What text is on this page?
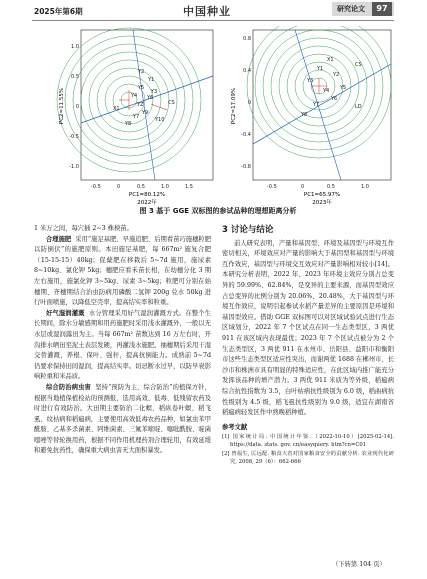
2025年第6期	中国种业	研究论文	97
Y2
Y1
Y5
Y4
CS
Y3
Y6
YZ
Y9
Y10
X1
Y7
Y8
-0.5	0	0.5	1.0	1.5
-1.0
-0.5
0
0.5
1.0
PC1=80.12%
PC2=11.55%
2022年
X1
Y1
Y2
Y3
Y4 Y5
Y6
Y7
Y8
CS
LD
-0.5	0	0.5	1.0
-0.8
-0.4
0
0.4
0.8
PC1=65.97%
PC2=17.09%
2023年
图 3 基于 GGE 双标图的参试品种的理想距离分析

1 米万之间，每穴插 2~3 株秧苗。

合理施肥 采用“施足基肥、早施追肥、后期看苗巧施穗粒肥以防倒伏”的施肥原则。本田施足基肥，每 667m² 施复合肥（15-15-15）40kg；促蘖肥在移栽后 5~7d 施用，施尿素 8~10kg、氯化钾 5kg；穗肥应看禾苗长相，在幼穗分化 3 期左右施用，施氯化钾 3~5kg、尿素 3~5kg；粒肥可分别在始穗期、齐穗期结合治虫防病用磷酸二氢钾 200g 兑水 50kg 进行叶面喷施，以降低空壳率，提高结实率和粒重。

好气湿润灌溉 水分管理采用好气湿润灌溉方式。在整个生长期间，除水分敏感期和用药施肥时采用浅水灌溉外，一般以无水层或湿润露田为主。当每 667m² 苗数达到 16 万左右时，开沟排水晒田至泥土表层发硬，再灌浅水施肥。抽穗期后采用干湿交替灌溉，养根、保叶、强秆，提高抗倒能力。成熟前 5~7d 仍要求保持田间湿润，提高结实率。切忌断水过早，以防早衰影响粒重和米品质。

综合防治病虫害 坚持“预防为主，综合防治”的植保方针，根据当地植保植检站的预测报，选用高效、低毒、低残留农药及时进行有效防治。大田期主要防治二化螟、稻纵卷叶螟、稻飞虱、纹枯病和稻瘟病，主要使用高效低毒农药品种，如氯虫苯甲酰胺、乙基多杀菌素、阿维菌素、三氟苯嘧啶、噻吡酰胺、啶菌噁唑等替轮换用药，根据不同作用机理药剂合理轮用，有效延缓和避免抗药性，确保重大病虫害无大面积暴发。

3 讨论与结论

前人研究表明，产量和基因型、环境及基因型与环境互作密切相关，环境效应对产量的影响大于基因型和基因型与环境互作效应，基因型与环境交互效应对产量影响相对较小[14]。本研究分析表明，2022 年、2023 年环境主效应分别占总变异的 59.99%、62.84%，是变异的主要来源，而基因型效应占总变异的比例分别为 20.06%、20.48%，大于基因型与环境互作效应，说明引起参试水稻产量差异的主要原因是环境和基因型效应。借助 GGE 双标图可以对区域试验试点进行生态区域划分，2022 年 7 个区试点在同一生态类型区，3 两优 911 在该区域内表现最优；2023 年 7 个区试点被分为 2 个生态类型区，3 两优 911 在永州市、岳阳县、益阳市和衡阳市这些生态类型区适应性突出，而谢两优 1688 在郴州市、长沙市和株洲市具有明显的特殊适应性，在此区域内推广能充分发挥该品种的增产潜力。3 两优 911 米质为等外级，稻瘟病综合抗性指数为 3.5，白叶枯病抗性级别为 6.0 级，稻曲病抗性级别为 4.5 级，稻飞虱抗性级别为 9.0 级，适宜在湖南省稻瘟病轻发区作中熟晚稻种植。

参考文献

[1] 国家统计局. 中国统计年鉴.（2022-10-10）[2025-02-14]. https://data. stats. gov. cn/easyquery. htm?cn=C01

[2] 曾福生, 匡远配. 粮食大省对国家粮食安全的贡献分析. 农业现代化研究, 2008, 29（6）：662-666

（下转第 104 页）
